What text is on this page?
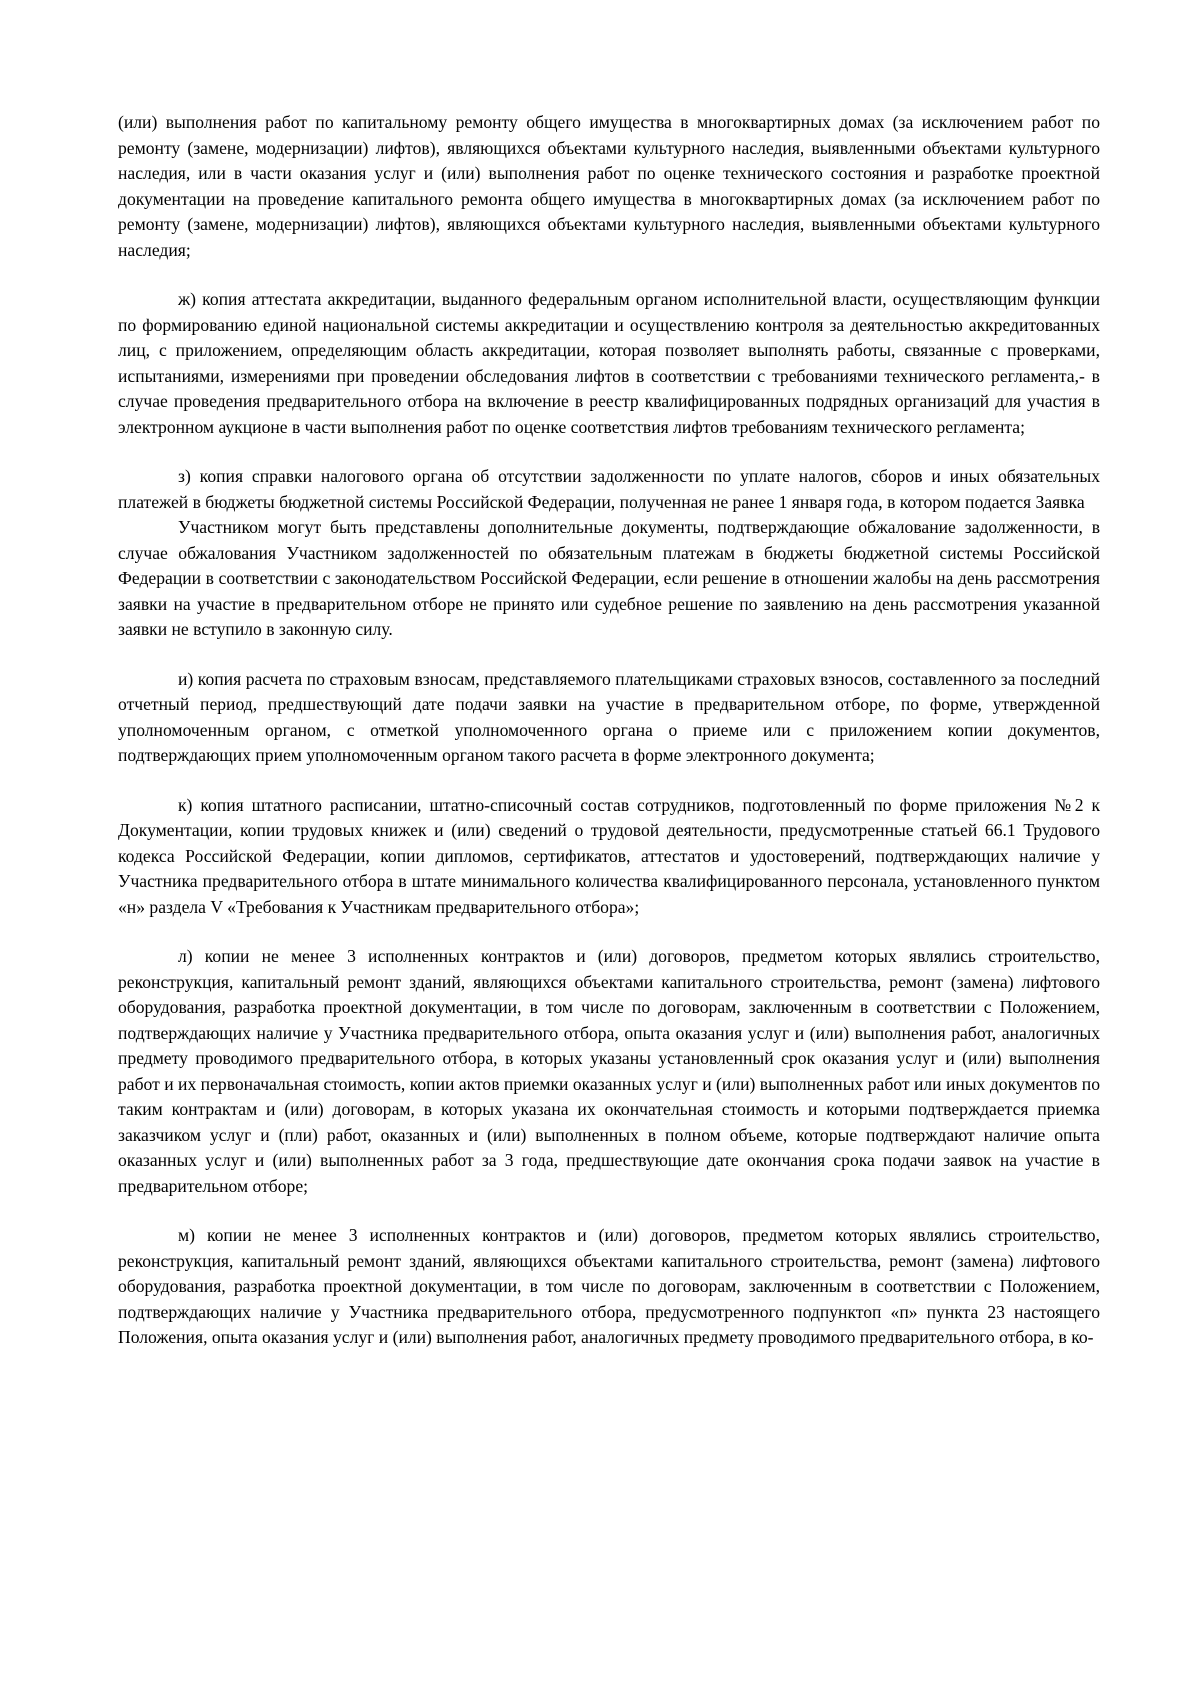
(или) выполнения работ по капитальному ремонту общего имущества в многоквартирных домах (за исключением работ по ремонту (замене, модернизации) лифтов), являющихся объектами культурного наследия, выявленными объектами культурного наследия, или в части оказания услуг и (или) выполнения работ по оценке технического состояния и разработке проектной документации на проведение капитального ремонта общего имущества в многоквартирных домах (за исключением работ по ремонту (замене, модернизации) лифтов), являющихся объектами культурного наследия, выявленными объектами культурного наследия;

ж) копия аттестата аккредитации, выданного федеральным органом исполнительной власти, осуществляющим функции по формированию единой национальной системы аккредитации и осуществлению контроля за деятельностью аккредитованных лиц, с приложением, определяющим область аккредитации, которая позволяет выполнять работы, связанные с проверками, испытаниями, измерениями при проведении обследования лифтов в соответствии с требованиями технического регламента,- в случае проведения предварительного отбора на включение в реестр квалифицированных подрядных организаций для участия в электронном аукционе в части выполнения работ по оценке соответствия лифтов требованиям технического регламента;

з) копия справки налогового органа об отсутствии задолженности по уплате налогов, сборов и иных обязательных платежей в бюджеты бюджетной системы Российской Федерации, полученная не ранее 1 января года, в котором подается Заявка

Участником могут быть представлены дополнительные документы, подтверждающие обжалование задолженности, в случае обжалования Участником задолженностей по обязательным платежам в бюджеты бюджетной системы Российской Федерации в соответствии с законодательством Российской Федерации, если решение в отношении жалобы на день рассмотрения заявки на участие в предварительном отборе не принято или судебное решение по заявлению на день рассмотрения указанной заявки не вступило в законную силу.

и) копия расчета по страховым взносам, представляемого плательщиками страховых взносов, составленного за последний отчетный период, предшествующий дате подачи заявки на участие в предварительном отборе, по форме, утвержденной уполномоченным органом, с отметкой уполномоченного органа о приеме или с приложением копии документов, подтверждающих прием уполномоченным органом такого расчета в форме электронного документа;

к) копия штатного расписании, штатно-списочный состав сотрудников, подготовленный по форме приложения №2 к Документации, копии трудовых книжек и (или) сведений о трудовой деятельности, предусмотренные статьей 66.1 Трудового кодекса Российской Федерации, копии дипломов, сертификатов, аттестатов и удостоверений, подтверждающих наличие у Участника предварительного отбора в штате минимального количества квалифицированного персонала, установленного пунктом «н» раздела V «Требования к Участникам предварительного отбора»;

л) копии не менее 3 исполненных контрактов и (или) договоров, предметом которых являлись строительство, реконструкция, капитальный ремонт зданий, являющихся объектами капитального строительства, ремонт (замена) лифтового оборудования, разработка проектной документации, в том числе по договорам, заключенным в соответствии с Положением, подтверждающих наличие у Участника предварительного отбора, опыта оказания услуг и (или) выполнения работ, аналогичных предмету проводимого предварительного отбора, в которых указаны установленный срок оказания услуг и (или) выполнения работ и их первоначальная стоимость, копии актов приемки оказанных услуг и (или) выполненных работ или иных документов по таким контрактам и (или) договорам, в которых указана их окончательная стоимость и которыми подтверждается приемка заказчиком услуг и (пли) работ, оказанных и (или) выполненных в полном объеме, которые подтверждают наличие опыта оказанных услуг и (или) выполненных работ за 3 года, предшествующие дате окончания срока подачи заявок на участие в предварительном отборе;

м) копии не менее 3 исполненных контрактов и (или) договоров, предметом которых являлись строительство, реконструкция, капитальный ремонт зданий, являющихся объектами капитального строительства, ремонт (замена) лифтового оборудования, разработка проектной документации, в том числе по договорам, заключенным в соответствии с Положением, подтверждающих наличие у Участника предварительного отбора, предусмотренного подпунктоп «п» пункта 23 настоящего Положения, опыта оказания услуг и (или) выполнения работ, аналогичных предмету проводимого предварительного отбора, в ко-
